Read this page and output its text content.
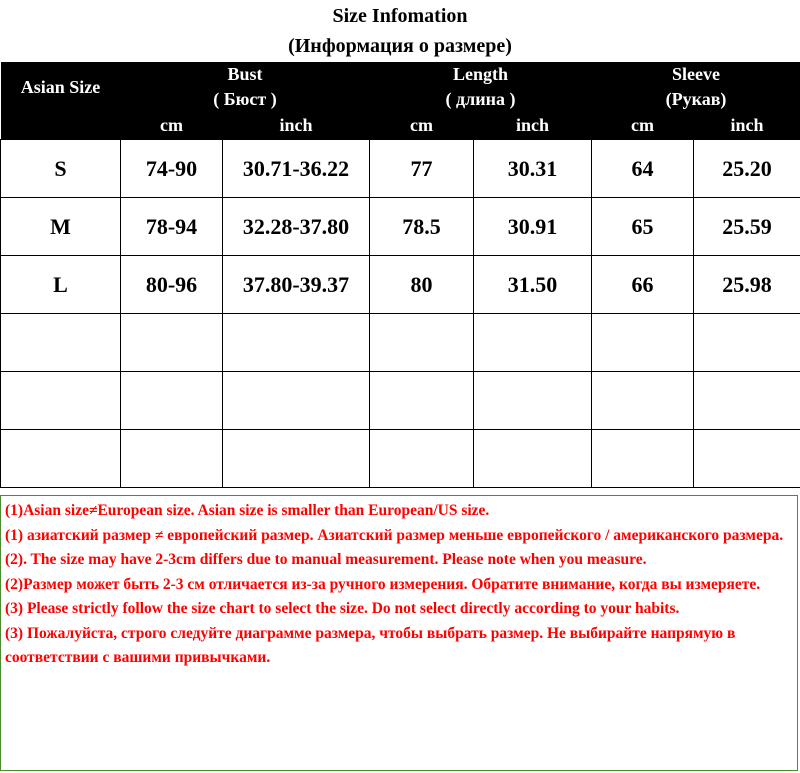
Size Infomation
(Информация о размере)
Asian Size	Bust		Length		Sleeve	
	( Бюст )		( длина )		(Рукав)	
	cm	inch	cm	inch	cm	inch
S	74-90	30.71-36.22	77	30.31	64	25.20
M	78-94	32.28-37.80	78.5	30.91	65	25.59
L	80-96	37.80-39.37	80	31.50	66	25.98

(1)Asian size≠European size. Asian size is smaller than European/US size.

(1) азиатский размер ≠ европейский размер. Азиатский размер меньше европейского / американского размера.

(2). The size may have 2-3cm differs due to manual measurement. Please note when you measure.

(2)Размер может быть 2-3 см отличается из-за ручного измерения. Обратите внимание, когда вы измеряете.

(3) Please strictly follow the size chart to select the size. Do not select directly according to your habits.

(3) Пожалуйста, строго следуйте диаграмме размера, чтобы выбрать размер. Не выбирайте напрямую в соответствии с вашими привычками.
